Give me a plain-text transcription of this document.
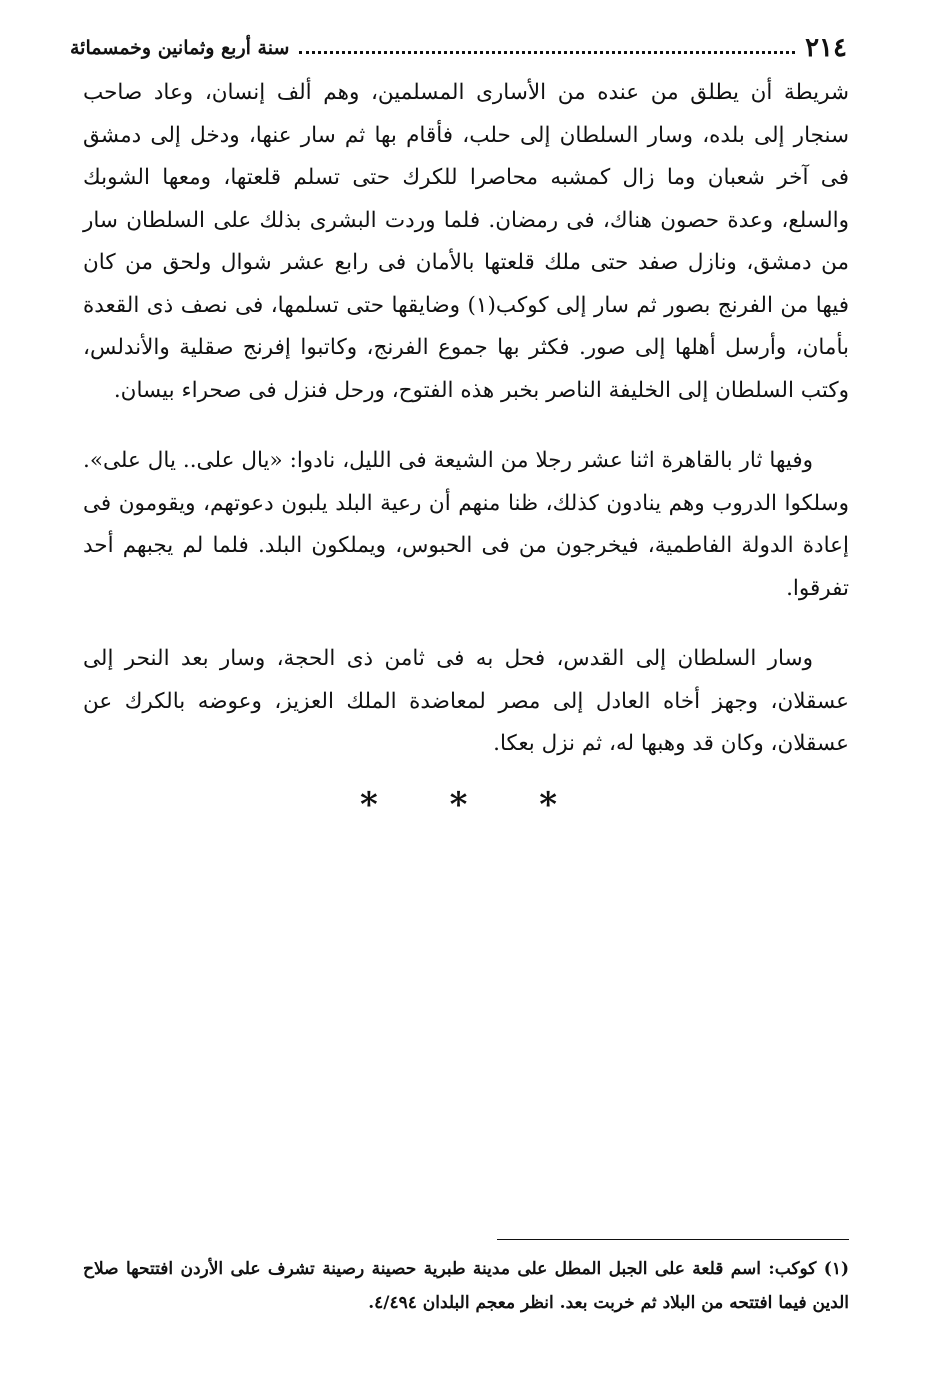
٢١٤
سنة أربع وثمانين وخمسمائة

شريطة أن يطلق من عنده من الأسارى المسلمين، وهم ألف إنسان، وعاد صاحب سنجار إلى بلده، وسار السلطان إلى حلب، فأقام بها ثم سار عنها، ودخل إلى دمشق فى آخر شعبان وما زال كمشبه محاصرا للكرك حتى تسلم قلعتها، ومعها الشوبك والسلع، وعدة حصون هناك، فى رمضان. فلما وردت البشرى بذلك على السلطان سار من دمشق، ونازل صفد حتى ملك قلعتها بالأمان فى رابع عشر شوال ولحق من كان فيها من الفرنج بصور ثم سار إلى كوكب(١) وضايقها حتى تسلمها، فى نصف ذى القعدة بأمان، وأرسل أهلها إلى صور. فكثر بها جموع الفرنج، وكاتبوا إفرنج صقلية والأندلس، وكتب السلطان إلى الخليفة الناصر بخبر هذه الفتوح، ورحل فنزل فى صحراء بيسان.

وفيها ثار بالقاهرة اثنا عشر رجلا من الشيعة فى الليل، نادوا: «يال على.. يال على». وسلكوا الدروب وهم ينادون كذلك، ظنا منهم أن رعية البلد يلبون دعوتهم، ويقومون فى إعادة الدولة الفاطمية، فيخرجون من فى الحبوس، ويملكون البلد. فلما لم يجبهم أحد تفرقوا.

وسار السلطان إلى القدس، فحل به فى ثامن ذى الحجة، وسار بعد النحر إلى عسقلان، وجهز أخاه العادل إلى مصر لمعاضدة الملك العزيز، وعوضه بالكرك عن عسقلان، وكان قد وهبها له، ثم نزل بعكا.

* * *

(١) كوكب: اسم قلعة على الجبل المطل على مدينة طبرية حصينة رصينة تشرف على الأردن افتتحها صلاح الدين فيما افتتحه من البلاد ثم خربت بعد. انظر معجم البلدان ٤/٤٩٤.
